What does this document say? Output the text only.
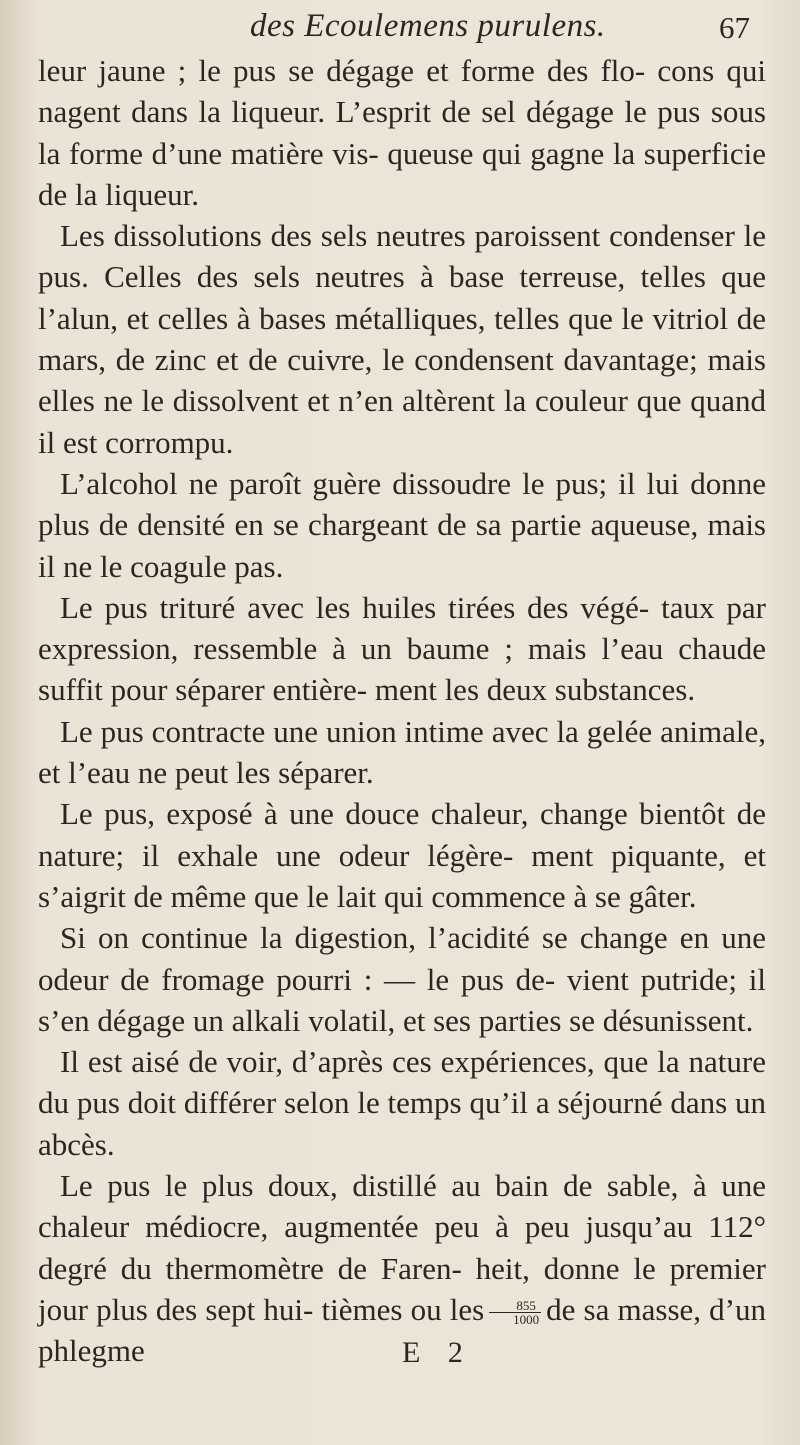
des Ecoulemens purulens.	67

leur jaune ; le pus se dégage et forme des flo- cons qui nagent dans la liqueur. L’esprit de sel dégage le pus sous la forme d’une matière vis- queuse qui gagne la superficie de la liqueur.

Les dissolutions des sels neutres paroissent condenser le pus. Celles des sels neutres à base terreuse, telles que l’alun, et celles à bases métalliques, telles que le vitriol de mars, de zinc et de cuivre, le condensent davantage; mais elles ne le dissolvent et n’en altèrent la couleur que quand il est corrompu.

L’alcohol ne paroît guère dissoudre le pus; il lui donne plus de densité en se chargeant de sa partie aqueuse, mais il ne le coagule pas.

Le pus trituré avec les huiles tirées des végé- taux par expression, ressemble à un baume ; mais l’eau chaude suffit pour séparer entière- ment les deux substances.

Le pus contracte une union intime avec la gelée animale, et l’eau ne peut les séparer.

Le pus, exposé à une douce chaleur, change bientôt de nature; il exhale une odeur légère- ment piquante, et s’aigrit de même que le lait qui commence à se gâter.

Si on continue la digestion, l’acidité se change en une odeur de fromage pourri : — le pus de- vient putride; il s’en dégage un alkali volatil, et ses parties se désunissent.

Il est aisé de voir, d’après ces expériences, que la nature du pus doit différer selon le temps qu’il a séjourné dans un abcès.

Le pus le plus doux, distillé au bain de sable, à une chaleur médiocre, augmentée peu à peu jusqu’au 112° degré du thermomètre de Faren- heit, donne le premier jour plus des sept hui- tièmes ou les $\frac{855}{1000}$ de sa masse, d’un phlegme	E 2
